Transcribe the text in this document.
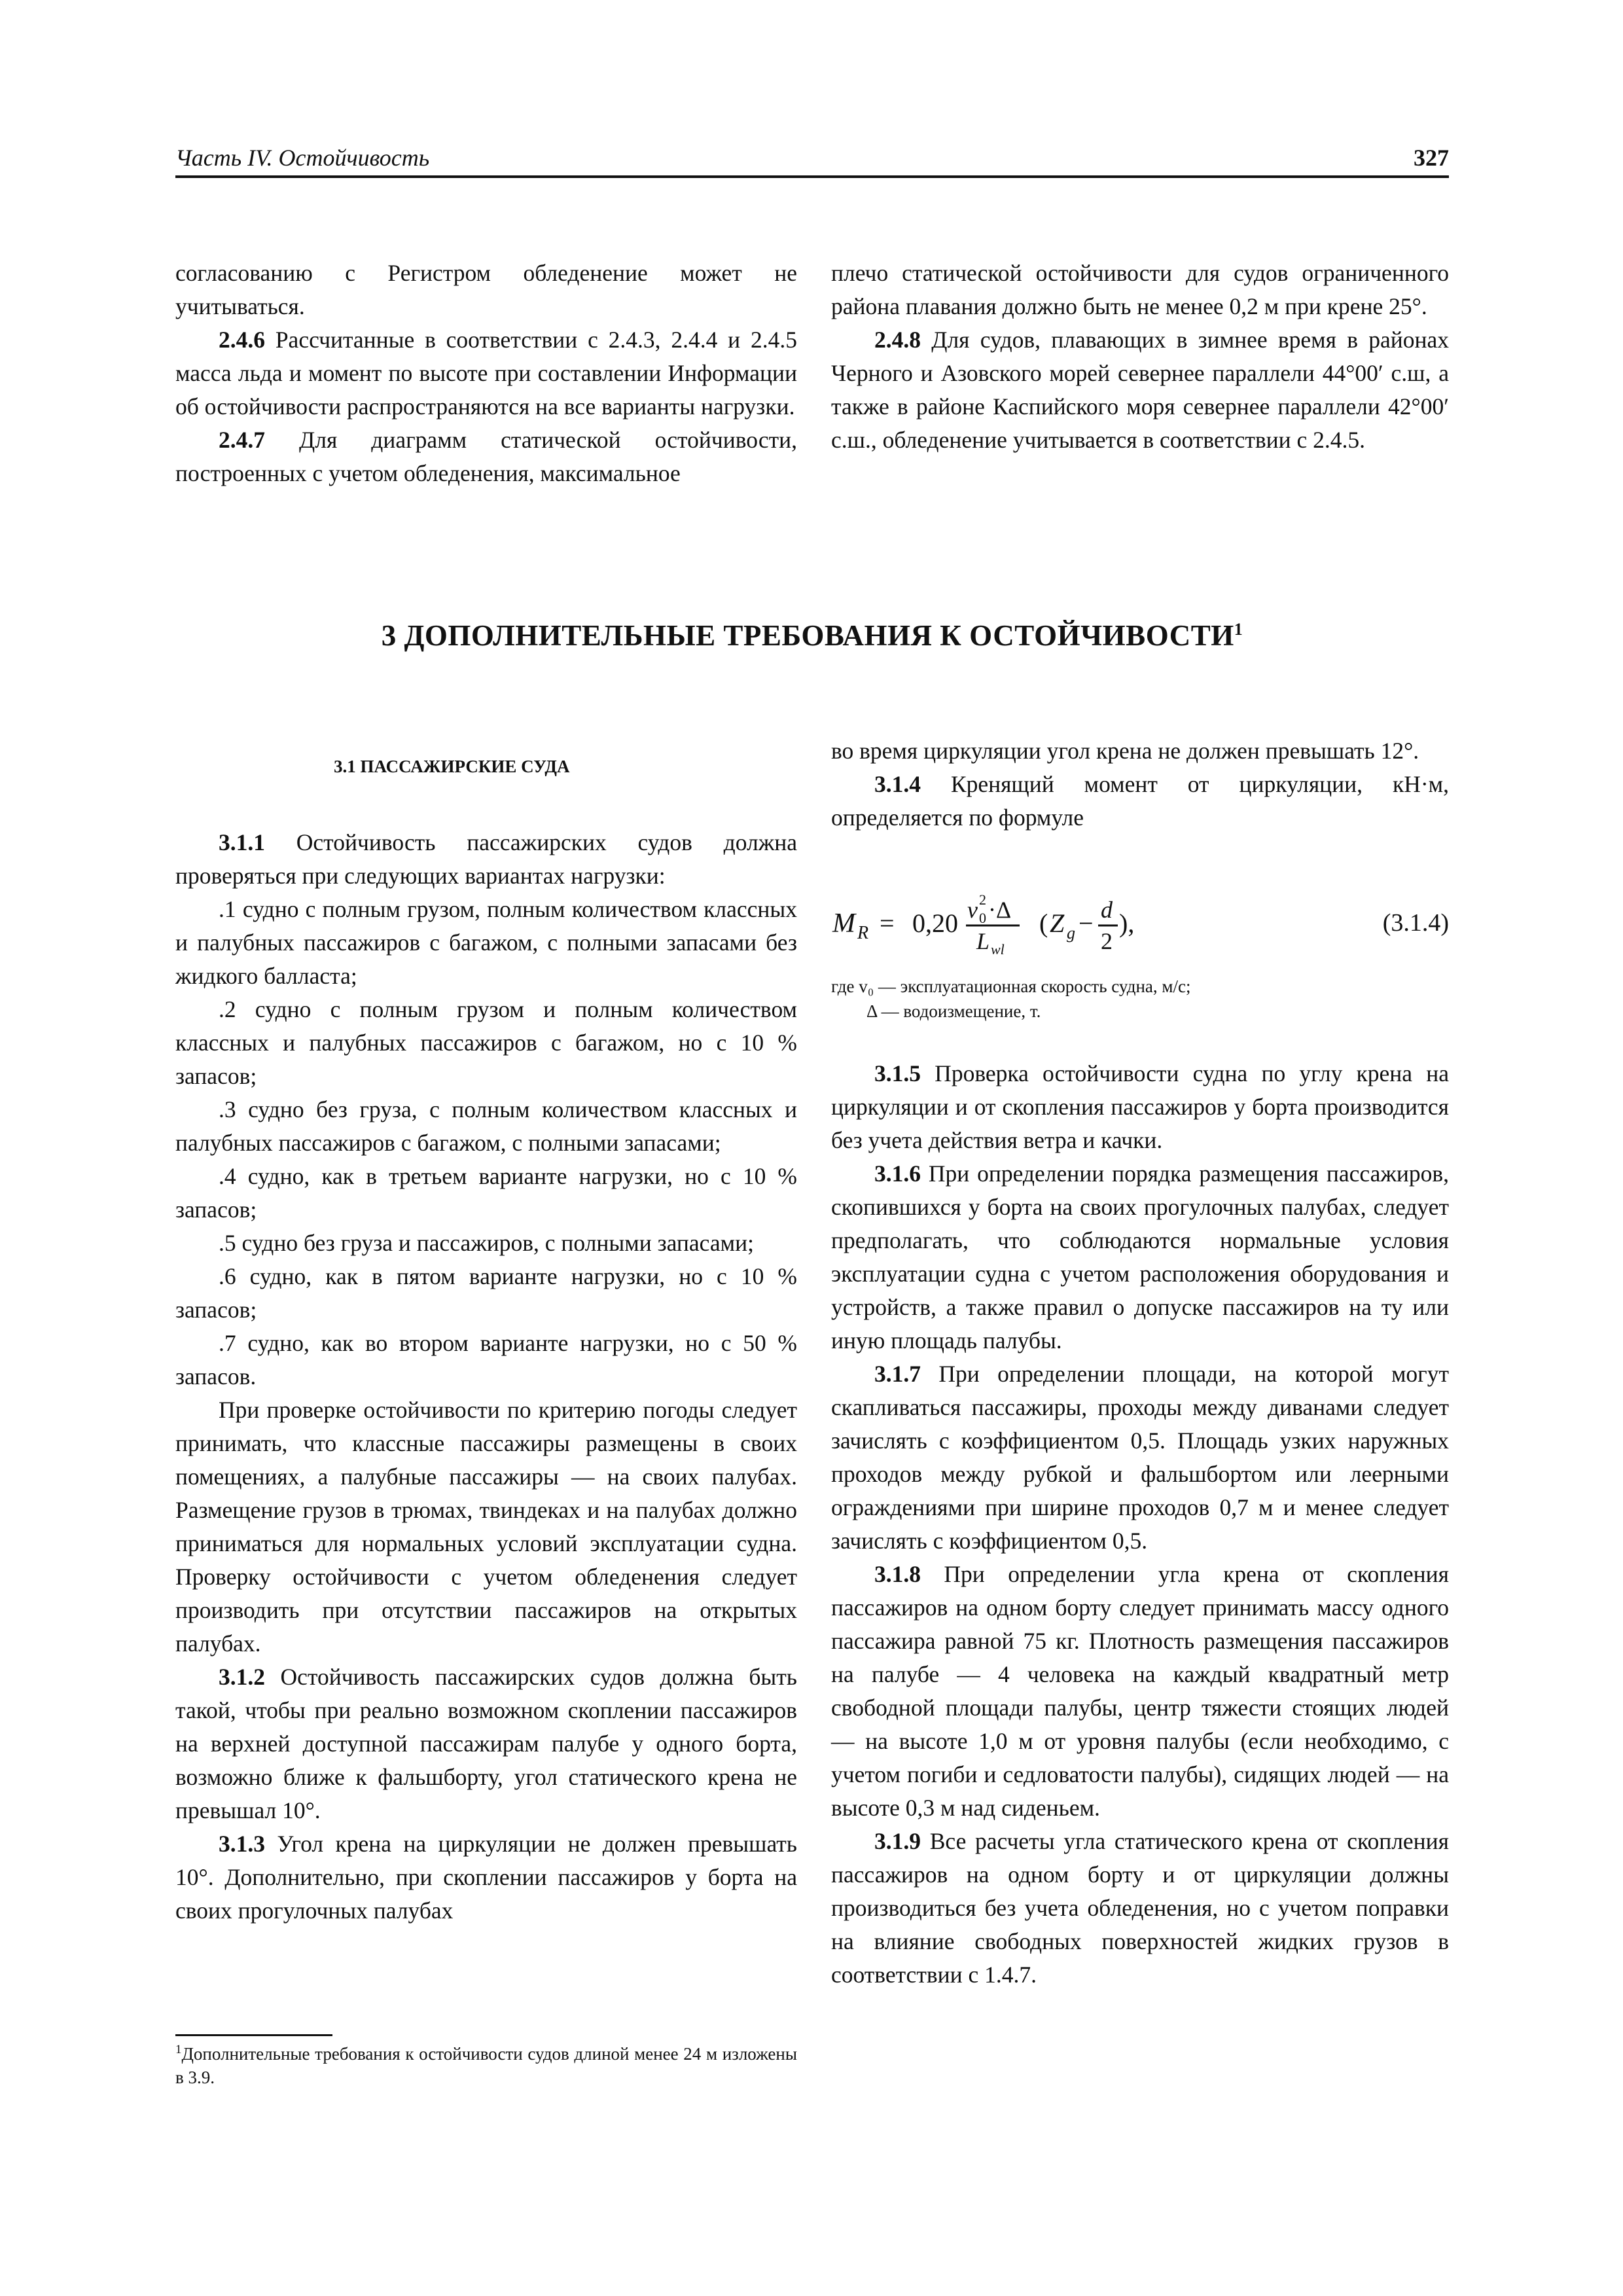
Часть IV. Остойчивость	327

согласованию с Регистром обледенение может не учитываться.

2.4.6 Рассчитанные в соответствии с 2.4.3, 2.4.4 и 2.4.5 масса льда и момент по высоте при составлении Информации об остойчивости распространяются на все варианты нагрузки.

2.4.7 Для диаграмм статической остойчивости, построенных с учетом обледенения, максимальное

плечо статической остойчивости для судов ограниченного района плавания должно быть не менее 0,2 м при крене 25°.

2.4.8 Для судов, плавающих в зимнее время в районах Черного и Азовского морей севернее параллели 44°00′ с.ш, а также в районе Каспийского моря севернее параллели 42°00′ с.ш., обледенение учитывается в соответствии с 2.4.5.

3 ДОПОЛНИТЕЛЬНЫЕ ТРЕБОВАНИЯ К ОСТОЙЧИВОСТИ$^1$
3.1 ПАССАЖИРСКИЕ СУДА

3.1.1 Остойчивость пассажирских судов должна проверяться при следующих вариантах нагрузки:

.1 судно с полным грузом, полным количеством классных и палубных пассажиров с багажом, с полными запасами без жидкого балласта;

.2 судно с полным грузом и полным количеством классных и палубных пассажиров с багажом, но с 10 % запасов;

.3 судно без груза, с полным количеством классных и палубных пассажиров с багажом, с полными запасами;

.4 судно, как в третьем варианте нагрузки, но с 10 % запасов;

.5 судно без груза и пассажиров, с полными запасами;

.6 судно, как в пятом варианте нагрузки, но с 10 % запасов;

.7 судно, как во втором варианте нагрузки, но с 50 % запасов.

При проверке остойчивости по критерию погоды следует принимать, что классные пассажиры размещены в своих помещениях, а палубные пассажиры — на своих палубах. Размещение грузов в трюмах, твиндеках и на палубах должно приниматься для нормальных условий эксплуатации судна. Проверку остойчивости с учетом обледенения следует производить при отсутствии пассажиров на открытых палубах.

3.1.2 Остойчивость пассажирских судов должна быть такой, чтобы при реально возможном скоплении пассажиров на верхней доступной пассажирам палубе у одного борта, возможно ближе к фальшборту, угол статического крена не превышал 10°.

3.1.3 Угол крена на циркуляции не должен превышать 10°. Дополнительно, при скоплении пассажиров у борта на своих прогулочных палубах

во время циркуляции угол крена не должен превышать 12°.

3.1.4 Кренящий момент от циркуляции, кН·м, определяется по формуле

M R = 0,20 v 0
2 ·Δ
L wl
( Z g − d
2
),	(3.1.4)
где v₀ — эксплуатационная скорость судна, м/с;
Δ — водоизмещение, т.

3.1.5 Проверка остойчивости судна по углу крена на циркуляции и от скопления пассажиров у борта производится без учета действия ветра и качки.

3.1.6 При определении порядка размещения пассажиров, скопившихся у борта на своих прогулочных палубах, следует предполагать, что соблюдаются нормальные условия эксплуатации судна с учетом расположения оборудования и устройств, а также правил о допуске пассажиров на ту или иную площадь палубы.

3.1.7 При определении площади, на которой могут скапливаться пассажиры, проходы между диванами следует зачислять с коэффициентом 0,5. Площадь узких наружных проходов между рубкой и фальшбортом или леерными ограждениями при ширине проходов 0,7 м и менее следует зачислять с коэффициентом 0,5.

3.1.8 При определении угла крена от скопления пассажиров на одном борту следует принимать массу одного пассажира равной 75 кг. Плотность размещения пассажиров на палубе — 4 человека на каждый квадратный метр свободной площади палубы, центр тяжести стоящих людей — на высоте 1,0 м от уровня палубы (если необходимо, с учетом погиби и седловатости палубы), сидящих людей — на высоте 0,3 м над сиденьем.

3.1.9 Все расчеты угла статического крена от скопления пассажиров на одном борту и от циркуляции должны производиться без учета обледенения, но с учетом поправки на влияние свободных поверхностей жидких грузов в соответствии с 1.4.7.

$^1$Дополнительные требования к остойчивости судов длиной менее 24 м изложены в 3.9.
